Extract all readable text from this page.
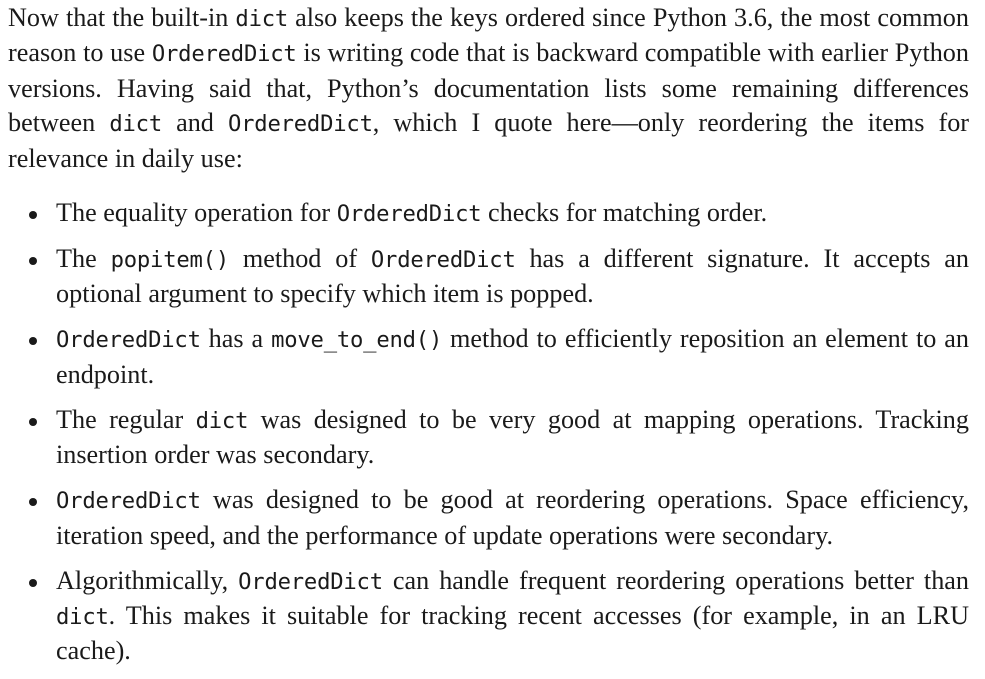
Now that the built-in dict also keeps the keys ordered since Python 3.6, the most common reason to use OrderedDict is writing code that is backward compatible with earlier Python versions. Having said that, Python’s documentation lists some remaining differences between dict and OrderedDict, which I quote here—only reordering the items for relevance in daily use:

The equality operation for OrderedDict checks for matching order.
The popitem() method of OrderedDict has a different signature. It accepts an optional argument to specify which item is popped.
OrderedDict has a move_to_end() method to efficiently reposition an element to an endpoint.
The regular dict was designed to be very good at mapping operations. Tracking insertion order was secondary.
OrderedDict was designed to be good at reordering operations. Space efficiency, iteration speed, and the performance of update operations were secondary.
Algorithmically, OrderedDict can handle frequent reordering operations better than dict. This makes it suitable for tracking recent accesses (for example, in an LRU cache).
